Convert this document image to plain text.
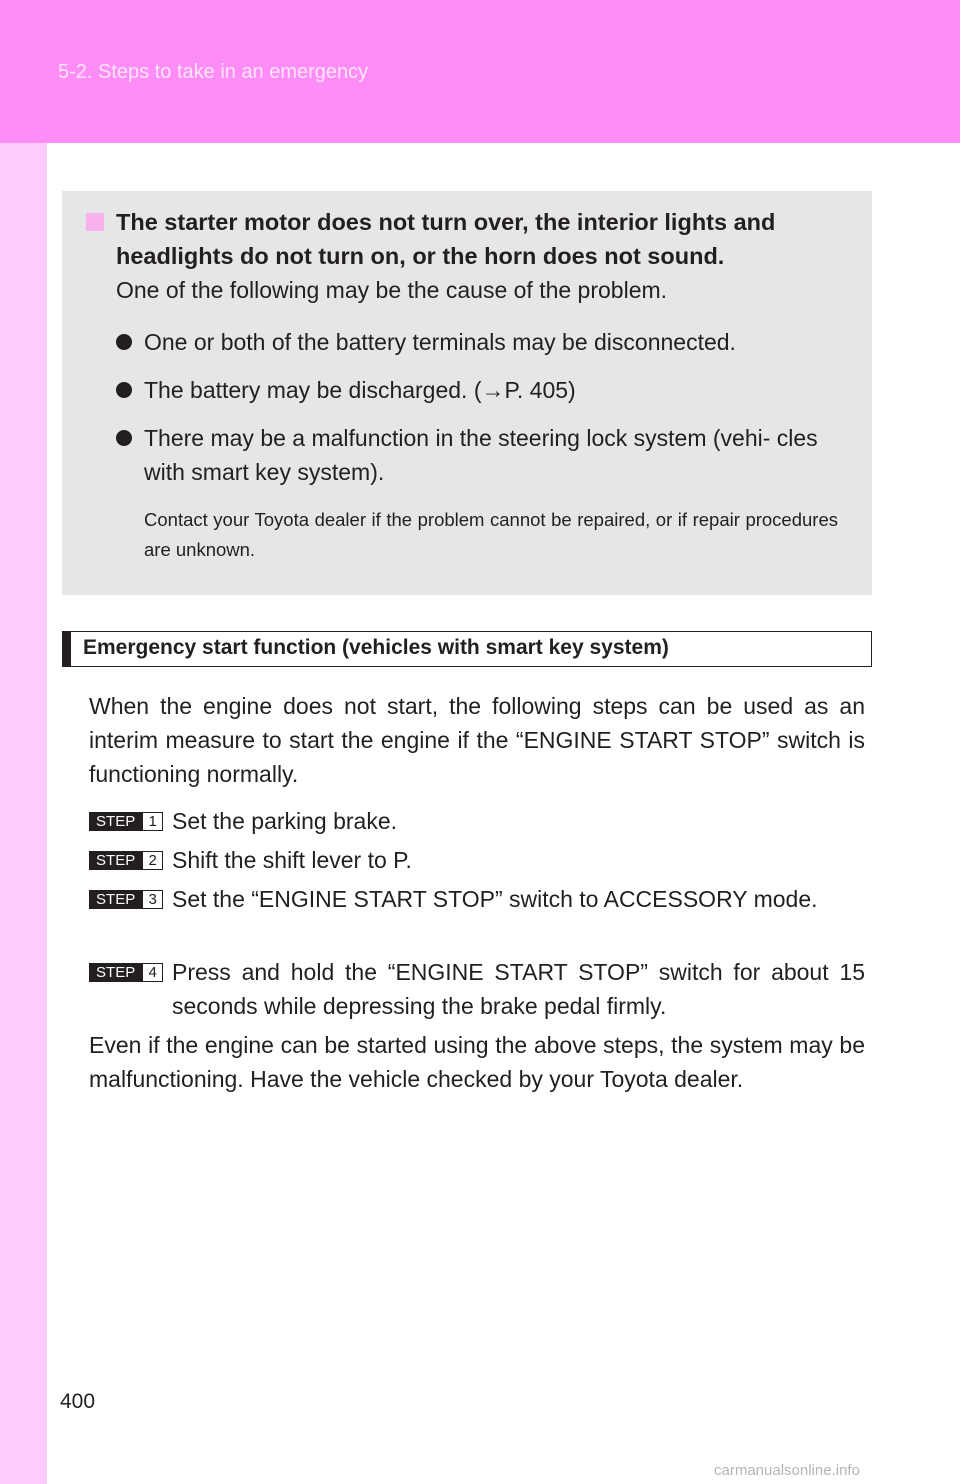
5-2. Steps to take in an emergency
The starter motor does not turn over, the interior lights and headlights do not turn on, or the horn does not sound.
One of the following may be the cause of the problem.
One or both of the battery terminals may be disconnected.
The battery may be discharged. (→P. 405)
There may be a malfunction in the steering lock system (vehi- cles with smart key system).
Contact your Toyota dealer if the problem cannot be repaired, or if repair procedures are unknown.
Emergency start function (vehicles with smart key system)
When the engine does not start, the following steps can be used as an interim measure to start the engine if the “ENGINE START STOP” switch is functioning normally.
STEP 1 Set the parking brake.
STEP 2 Shift the shift lever to P.
STEP 3 Set the “ENGINE START STOP” switch to ACCESSORY mode.
STEP 4 Press and hold the “ENGINE START STOP” switch for about 15 seconds while depressing the brake pedal firmly.
Even if the engine can be started using the above steps, the system may be malfunctioning. Have the vehicle checked by your Toyota dealer.
400
carmanualsonline.info
